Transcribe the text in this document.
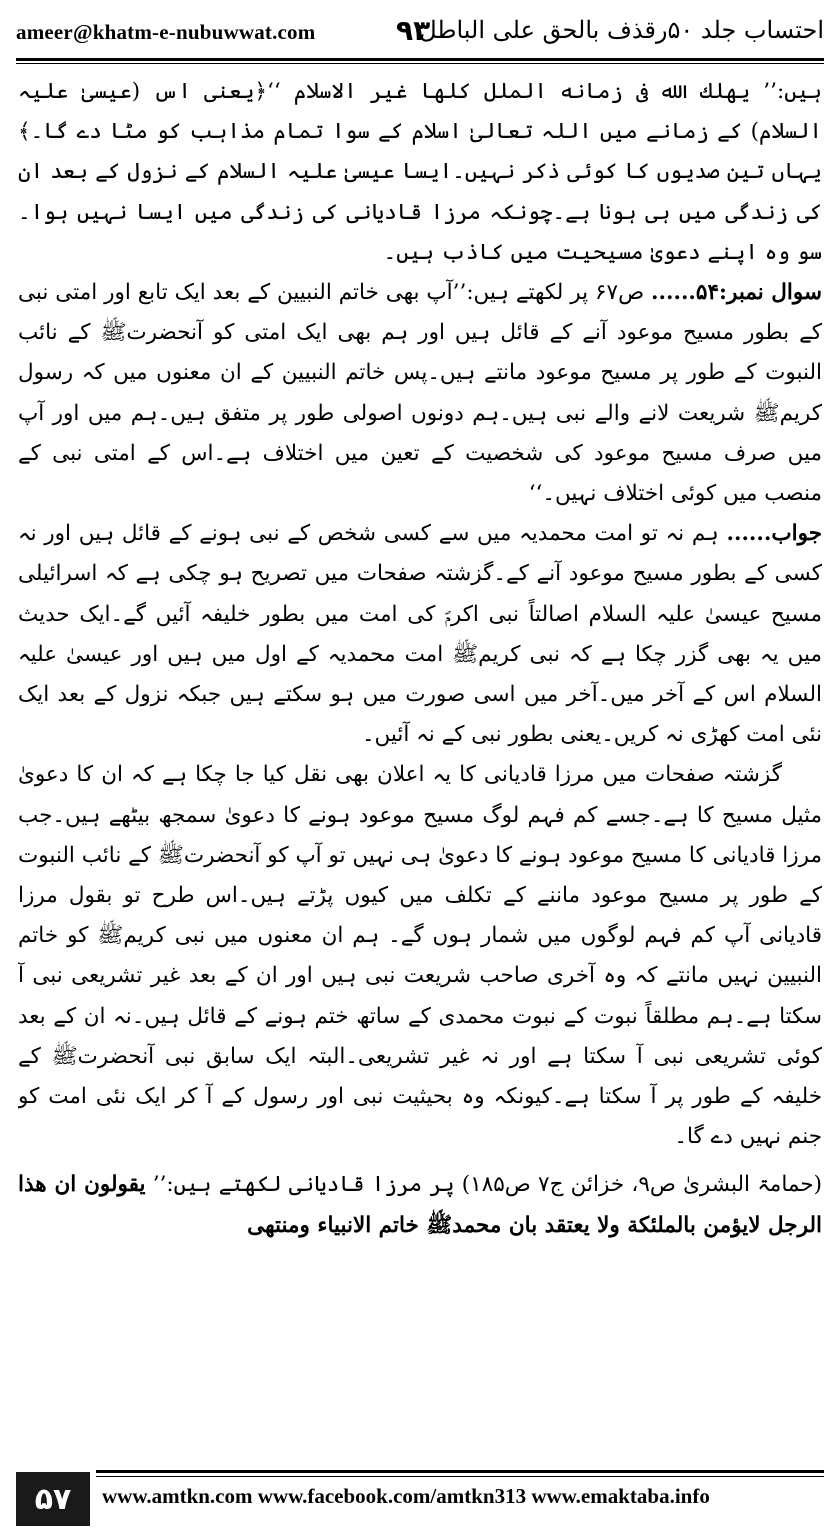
ameer@khatm-e-nubuwwat.com	۹۳
احتساب جلد ۵۰رقذف بالحق علی الباطل

ہیں:’’ یھلك الله فی زمانه الملل کلھا غیر الاسلام ‘‘﴿یعنی اس (عیسیٰ علیہ السلام) کے زمانے میں اللہ تعالیٰ اسلام کے سوا تمام مذاہب کو مٹا دے گا۔﴾ یہاں تین صدیوں کا کوئی ذکر نہیں۔ایسا عیسیٰ علیہ السلام کے نزول کے بعد ان کی زندگی میں ہی ہونا ہے۔چونکہ مرزا قادیانی کی زندگی میں ایسا نہیں ہوا۔سو وہ اپنے دعویٰ مسیحیت میں کاذب ہیں۔

سوال نمبر:۵۴...... ص۶۷ پر لکھتے ہیں:’’آپ بھی خاتم النبیین کے بعد ایک تابع اور امتی نبی کے بطور مسیح موعود آنے کے قائل ہیں اور ہم بھی ایک امتی کو آنحضرتﷺ کے نائب النبوت کے طور پر مسیح موعود مانتے ہیں۔پس خاتم النبیین کے ان معنوں میں کہ رسول کریمﷺ شریعت لانے والے نبی ہیں۔ہم دونوں اصولی طور پر متفق ہیں۔ہم میں اور آپ میں صرف مسیح موعود کی شخصیت کے تعین میں اختلاف ہے۔اس کے امتی نبی کے منصب میں کوئی اختلاف نہیں۔‘‘

جواب...... ہم نہ تو امت محمدیہ میں سے کسی شخص کے نبی ہونے کے قائل ہیں اور نہ کسی کے بطور مسیح موعود آنے کے۔گزشتہ صفحات میں تصریح ہو چکی ہے کہ اسرائیلی مسیح عیسیٰ علیہ السلام اصالتاً نبی اکرمؐ کی امت میں بطور خلیفہ آئیں گے۔ایک حدیث میں یہ بھی گزر چکا ہے کہ نبی کریمﷺ امت محمدیہ کے اول میں ہیں اور عیسیٰ علیہ السلام اس کے آخر میں۔آخر میں اسی صورت میں ہو سکتے ہیں جبکہ نزول کے بعد ایک نئی امت کھڑی نہ کریں۔یعنی بطور نبی کے نہ آئیں۔

گزشتہ صفحات میں مرزا قادیانی کا یہ اعلان بھی نقل کیا جا چکا ہے کہ ان کا دعویٰ مثیل مسیح کا ہے۔جسے کم فہم لوگ مسیح موعود ہونے کا دعویٰ سمجھ بیٹھے ہیں۔جب مرزا قادیانی کا مسیح موعود ہونے کا دعویٰ ہی نہیں تو آپ کو آنحضرتﷺ کے نائب النبوت کے طور پر مسیح موعود ماننے کے تکلف میں کیوں پڑتے ہیں۔اس طرح تو بقول مرزا قادیانی آپ کم فہم لوگوں میں شمار ہوں گے۔ ہم ان معنوں میں نبی کریمﷺ کو خاتم النبیین نہیں مانتے کہ وہ آخری صاحب شریعت نبی ہیں اور ان کے بعد غیر تشریعی نبی آ سکتا ہے۔ہم مطلقاً نبوت کے نبوت محمدی کے ساتھ ختم ہونے کے قائل ہیں۔نہ ان کے بعد کوئی تشریعی نبی آ سکتا ہے اور نہ غیر تشریعی۔البتہ ایک سابق نبی آنحضرتﷺ کے خلیفہ کے طور پر آ سکتا ہے۔کیونکہ وہ بحیثیت نبی اور رسول کے آ کر ایک نئی امت کو جنم نہیں دے گا۔

(حمامۃ البشریٰ ص۹، خزائن ج۷ ص۱۸۵) پر مرزا قادیانی لکھتے ہیں:’’ یقولون ان هذا الرجل لایؤمن بالملئکة ولا یعتقد بان محمدﷺ خاتم الانبیاء ومنتهی

۵۷	www.amtkn.com www.facebook.com/amtkn313 www.emaktaba.info
